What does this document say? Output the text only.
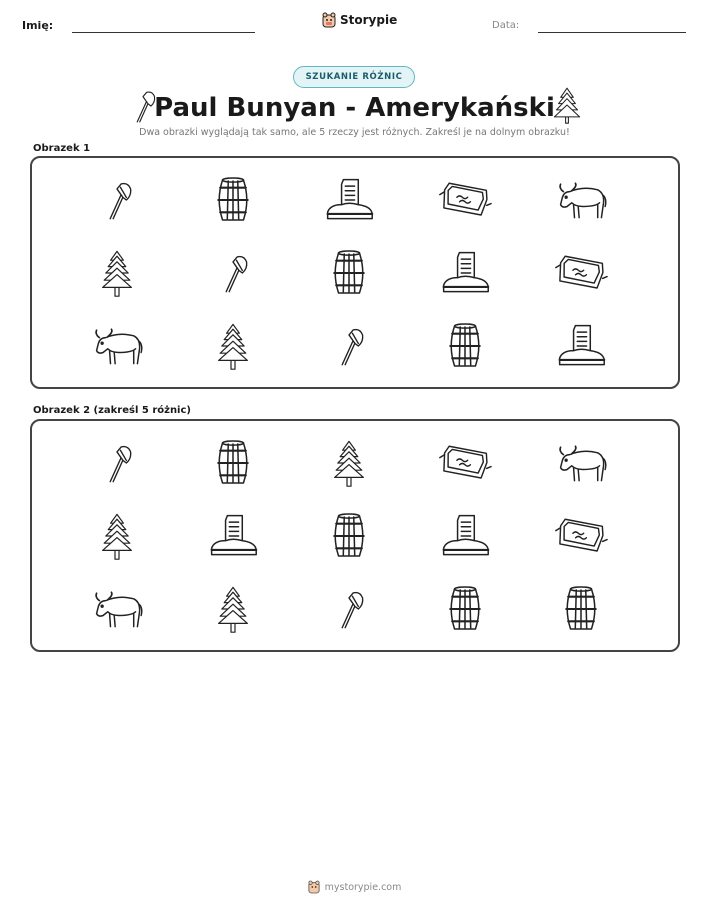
Imię:	Storypie	Data:
SZUKANIE RÓŻNIC
Paul Bunyan - Amerykański
Dwa obrazki wyglądają tak samo, ale 5 rzeczy jest różnych. Zakreśl je na dolnym obrazku!
Obrazek 1
Obrazek 2 (zakreśl 5 różnic)
mystorypie.com
